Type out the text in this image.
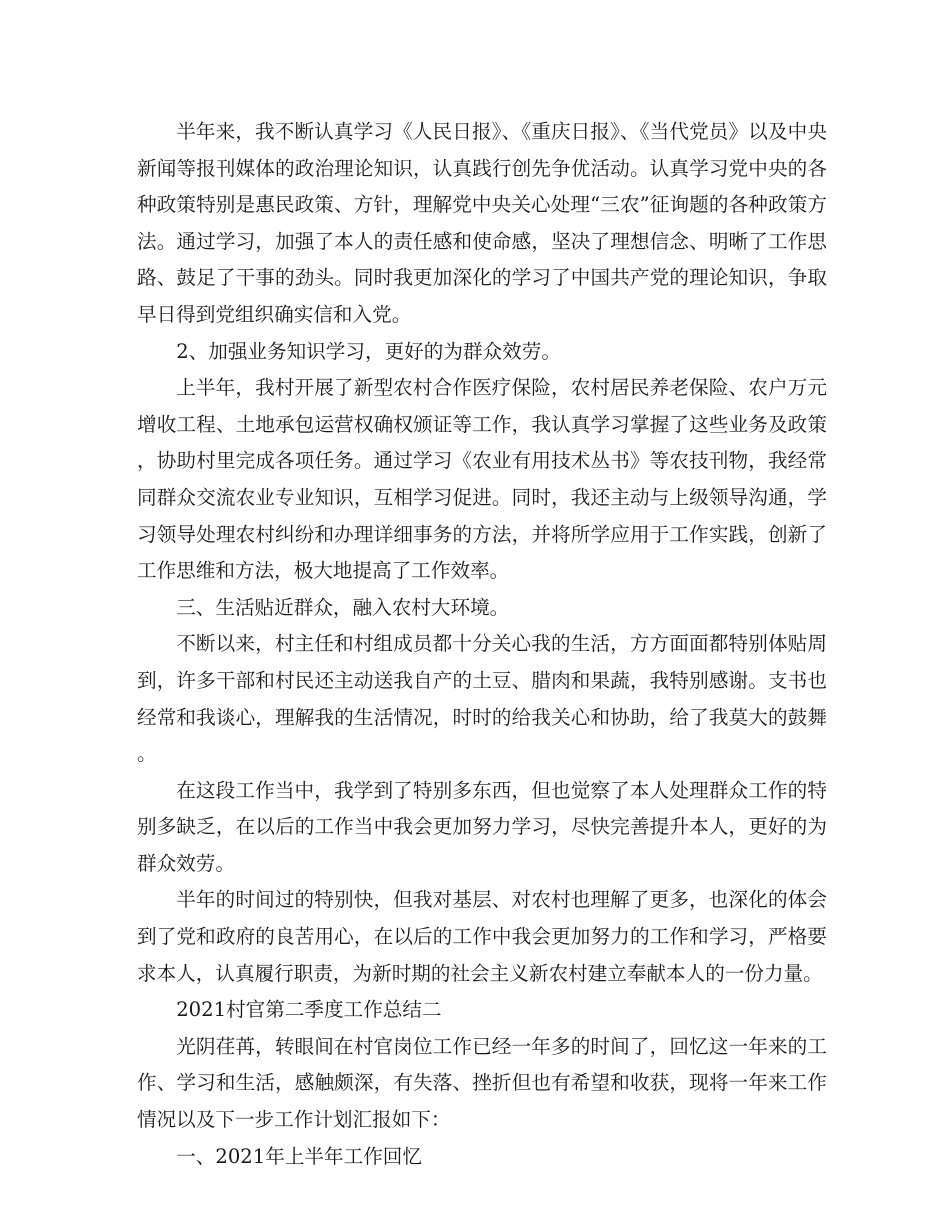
半年来，我不断认真学习《人民日报》、《重庆日报》、《当代党员》以及中央新闻等报刊媒体的政治理论知识，认真践行创先争优活动。认真学习党中央的各种政策特别是惠民政策、方针，理解党中央关心处理“三农”征询题的各种政策方法。通过学习，加强了本人的责任感和使命感，坚决了理想信念、明晰了工作思路、鼓足了干事的劲头。同时我更加深化的学习了中国共产党的理论知识，争取早日得到党组织确实信和入党。

2、加强业务知识学习，更好的为群众效劳。

上半年，我村开展了新型农村合作医疗保险，农村居民养老保险、农户万元增收工程、土地承包运营权确权颁证等工作，我认真学习掌握了这些业务及政策，协助村里完成各项任务。通过学习《农业有用技术丛书》等农技刊物，我经常同群众交流农业专业知识，互相学习促进。同时，我还主动与上级领导沟通，学习领导处理农村纠纷和办理详细事务的方法，并将所学应用于工作实践，创新了工作思维和方法，极大地提高了工作效率。

三、生活贴近群众，融入农村大环境。

不断以来，村主任和村组成员都十分关心我的生活，方方面面都特别体贴周到，许多干部和村民还主动送我自产的土豆、腊肉和果蔬，我特别感谢。支书也经常和我谈心，理解我的生活情况，时时的给我关心和协助，给了我莫大的鼓舞。

在这段工作当中，我学到了特别多东西，但也觉察了本人处理群众工作的特别多缺乏，在以后的工作当中我会更加努力学习，尽快完善提升本人，更好的为群众效劳。

半年的时间过的特别快，但我对基层、对农村也理解了更多，也深化的体会到了党和政府的良苦用心，在以后的工作中我会更加努力的工作和学习，严格要求本人，认真履行职责，为新时期的社会主义新农村建立奉献本人的一份力量。

2021村官第二季度工作总结二

光阴荏苒，转眼间在村官岗位工作已经一年多的时间了，回忆这一年来的工作、学习和生活，感触颇深，有失落、挫折但也有希望和收获，现将一年来工作情况以及下一步工作计划汇报如下：

一、2021年上半年工作回忆
